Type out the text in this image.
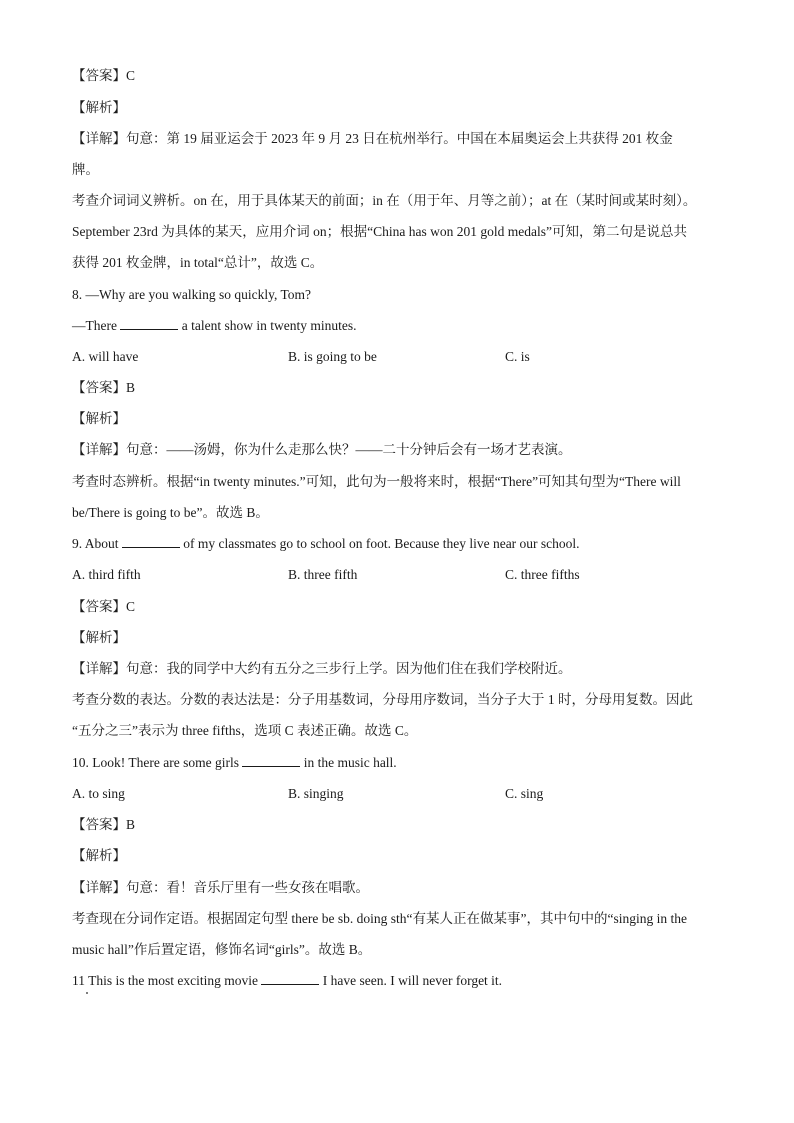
【答案】C
【解析】
【详解】句意：第 19 届亚运会于 2023 年 9 月 23 日在杭州举行。中国在本届奥运会上共获得 201 枚金
牌。
考查介词词义辨析。on 在，用于具体某天的前面；in 在（用于年、月等之前）；at 在（某时间或某时刻）。
September 23rd 为具体的某天，应用介词 on；根据“China has won 201 gold medals”可知，第二句是说总共
获得 201 枚金牌，in total“总计”，故选 C。
8. —Why are you walking so quickly, Tom?
—There	a talent show in twenty minutes.
A. will have	B. is going to be	C. is
【答案】B
【解析】
【详解】句意：——汤姆，你为什么走那么快？——二十分钟后会有一场才艺表演。
考查时态辨析。根据“in twenty minutes.”可知，此句为一般将来时，根据“There”可知其句型为“There will
be/There is going to be”。故选 B。
9. About	of my classmates go to school on foot. Because they live near our school.
A. third fifth	B. three fifth	C. three fifths
【答案】C
【解析】
【详解】句意：我的同学中大约有五分之三步行上学。因为他们住在我们学校附近。
考查分数的表达。分数的表达法是：分子用基数词，分母用序数词，当分子大于 1 时，分母用复数。因此
“五分之三”表示为 three fifths，选项 C 表述正确。故选 C。
10. Look! There are some girls	in the music hall.
A. to sing	B. singing	C. sing
【答案】B
【解析】
【详解】句意：看！音乐厅里有一些女孩在唱歌。
考查现在分词作定语。根据固定句型 there be sb. doing sth“有某人正在做某事”，其中句中的“singing in the
music hall”作后置定语，修饰名词“girls”。故选 B。
11 This is the most exciting movie	I have seen. I will never forget it.
